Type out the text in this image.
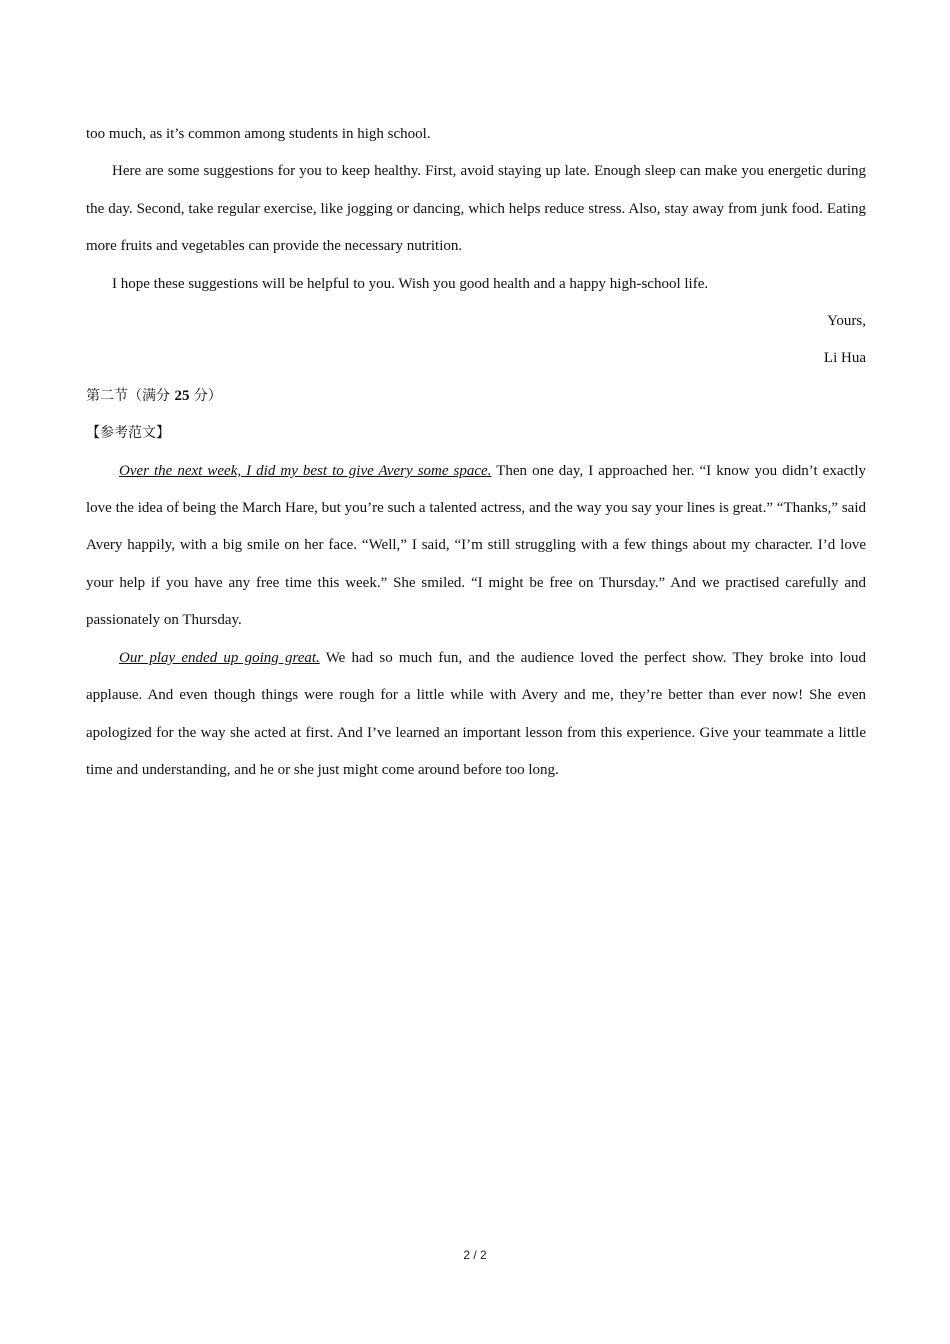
too much, as it’s common among students in high school.

Here are some suggestions for you to keep healthy. First, avoid staying up late. Enough sleep can make you energetic during the day. Second, take regular exercise, like jogging or dancing, which helps reduce stress. Also, stay away from junk food. Eating more fruits and vegetables can provide the necessary nutrition.

I hope these suggestions will be helpful to you. Wish you good health and a happy high-school life.

Yours,

Li Hua

第二节（满分 25 分）

【参考范文】

Over the next week, I did my best to give Avery some space. Then one day, I approached her. “I know you didn’t exactly love the idea of being the March Hare, but you’re such a talented actress, and the way you say your lines is great.” “Thanks,” said Avery happily, with a big smile on her face. “Well,” I said, “I’m still struggling with a few things about my character. I’d love your help if you have any free time this week.” She smiled. “I might be free on Thursday.” And we practised carefully and passionately on Thursday.

Our play ended up going great. We had so much fun, and the audience loved the perfect show. They broke into loud applause. And even though things were rough for a little while with Avery and me, they’re better than ever now! She even apologized for the way she acted at first. And I’ve learned an important lesson from this experience. Give your teammate a little time and understanding, and he or she just might come around before too long.

2 / 2
